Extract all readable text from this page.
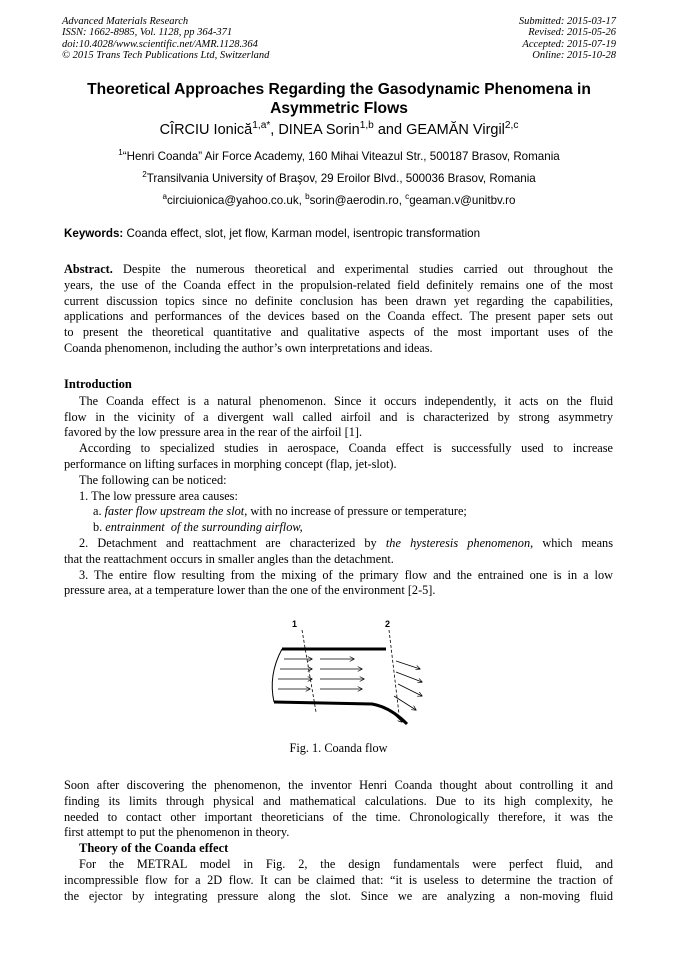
Advanced Materials Research
ISSN: 1662-8985, Vol. 1128, pp 364-371
doi:10.4028/www.scientific.net/AMR.1128.364
© 2015 Trans Tech Publications Ltd, Switzerland
Submitted: 2015-03-17
Revised: 2015-05-26
Accepted: 2015-07-19
Online: 2015-10-28
Theoretical Approaches Regarding the Gasodynamic Phenomena in
Asymmetric Flows
CÎRCIU Ionică$^{1,a*}$, DINEA Sorin$^{1,b}$ and GEAMĂN Virgil$^{2,c}$
$^1$“Henri Coanda” Air Force Academy, 160 Mihai Viteazul Str., 500187 Brasov, Romania
$^2$Transilvania University of Braşov, 29 Eroilor Blvd., 500036 Brasov, Romania
$^a$circiuionica@yahoo.co.uk, $^b$sorin@aerodin.ro, $^c$geaman.v@unitbv.ro
Keywords: Coanda effect, slot, jet flow, Karman model, isentropic transformation
Abstract. Despite the numerous theoretical and experimental studies carried out throughout the
years, the use of the Coanda effect in the propulsion-related field definitely remains one of the most
current discussion topics since no definite conclusion has been drawn yet regarding the capabilities,
applications and performances of the devices based on the Coanda effect. The present paper sets out
to present the theoretical quantitative and qualitative aspects of the most important uses of the
Coanda phenomenon, including the author’s own interpretations and ideas.
Introduction
The Coanda effect is a natural phenomenon. Since it occurs independently, it acts on the fluid
flow in the vicinity of a divergent wall called airfoil and is characterized by strong asymmetry
favored by the low pressure area in the rear of the airfoil [1].
According to specialized studies in aerospace, Coanda effect is successfully used to increase
performance on lifting surfaces in morphing concept (flap, jet-slot).
The following can be noticed:
1. The low pressure area causes:
a. faster flow upstream the slot, with no increase of pressure or temperature;
b. entrainment  of the surrounding airflow,
2. Detachment and reattachment are characterized by the hysteresis phenomenon, which means
that the reattachment occurs in smaller angles than the detachment.
3. The entire flow resulting from the mixing of the primary flow and the entrained one is in a low
pressure area, at a temperature lower than the one of the environment [2-5].
1	2
Fig. 1. Coanda flow
Soon after discovering the phenomenon, the inventor Henri Coanda thought about controlling it and
finding its limits through physical and mathematical calculations. Due to its high complexity, he
needed to contact other important theoreticians of the time. Chronologically therefore, it was the
first attempt to put the phenomenon in theory.
Theory of the Coanda effect
For the METRAL model in Fig. 2, the design fundamentals were perfect fluid, and
incompressible flow for a 2D flow. It can be claimed that: “it is useless to determine the traction of
the ejector by integrating pressure along the slot. Since we are analyzing a non-moving fluid
